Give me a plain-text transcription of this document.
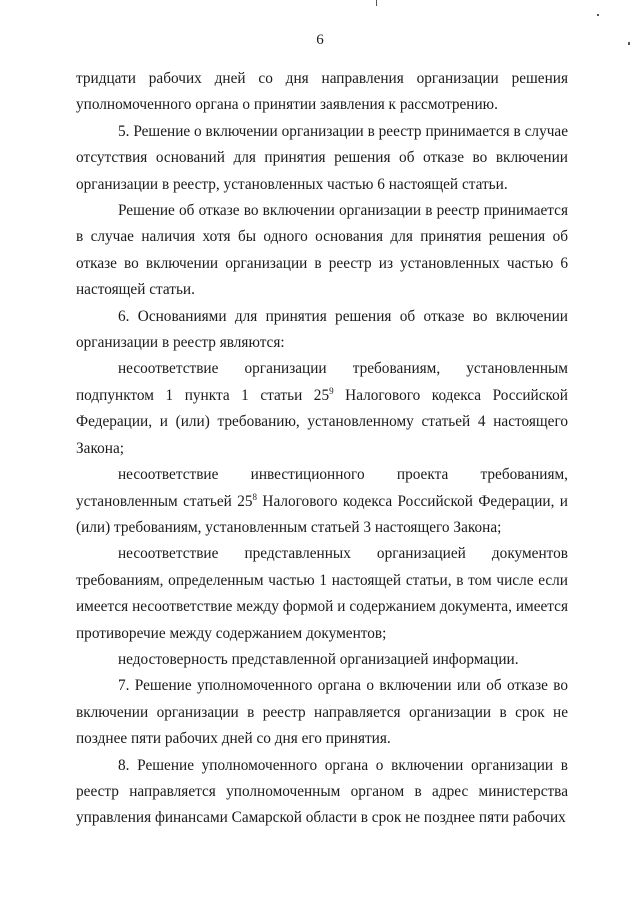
6

тридцати рабочих дней со дня направления организации решения уполномоченного органа о принятии заявления к рассмотрению.

5. Решение о включении организации в реестр принимается в случае отсутствия оснований для принятия решения об отказе во включении организации в реестр, установленных частью 6 настоящей статьи.

Решение об отказе во включении организации в реестр принимается в случае наличия хотя бы одного основания для принятия решения об отказе во включении организации в реестр из установленных частью 6 настоящей статьи.

6. Основаниями для принятия решения об отказе во включении организации в реестр являются:

несоответствие организации требованиям, установленным подпунктом 1 пункта 1 статьи $25^9$ Налогового кодекса Российской Федерации, и (или) требованию, установленному статьей 4 настоящего Закона;

несоответствие инвестиционного проекта требованиям, установленным статьей $25^8$ Налогового кодекса Российской Федерации, и (или) требованиям, установленным статьей 3 настоящего Закона;

несоответствие представленных организацией документов требованиям, определенным частью 1 настоящей статьи, в том числе если имеется несоответствие между формой и содержанием документа, имеется противоречие между содержанием документов;

недостоверность представленной организацией информации.

7. Решение уполномоченного органа о включении или об отказе во включении организации в реестр направляется организации в срок не позднее пяти рабочих дней со дня его принятия.

8. Решение уполномоченного органа о включении организации в реестр направляется уполномоченным органом в адрес министерства управления финансами Самарской области в срок не позднее пяти рабочих
